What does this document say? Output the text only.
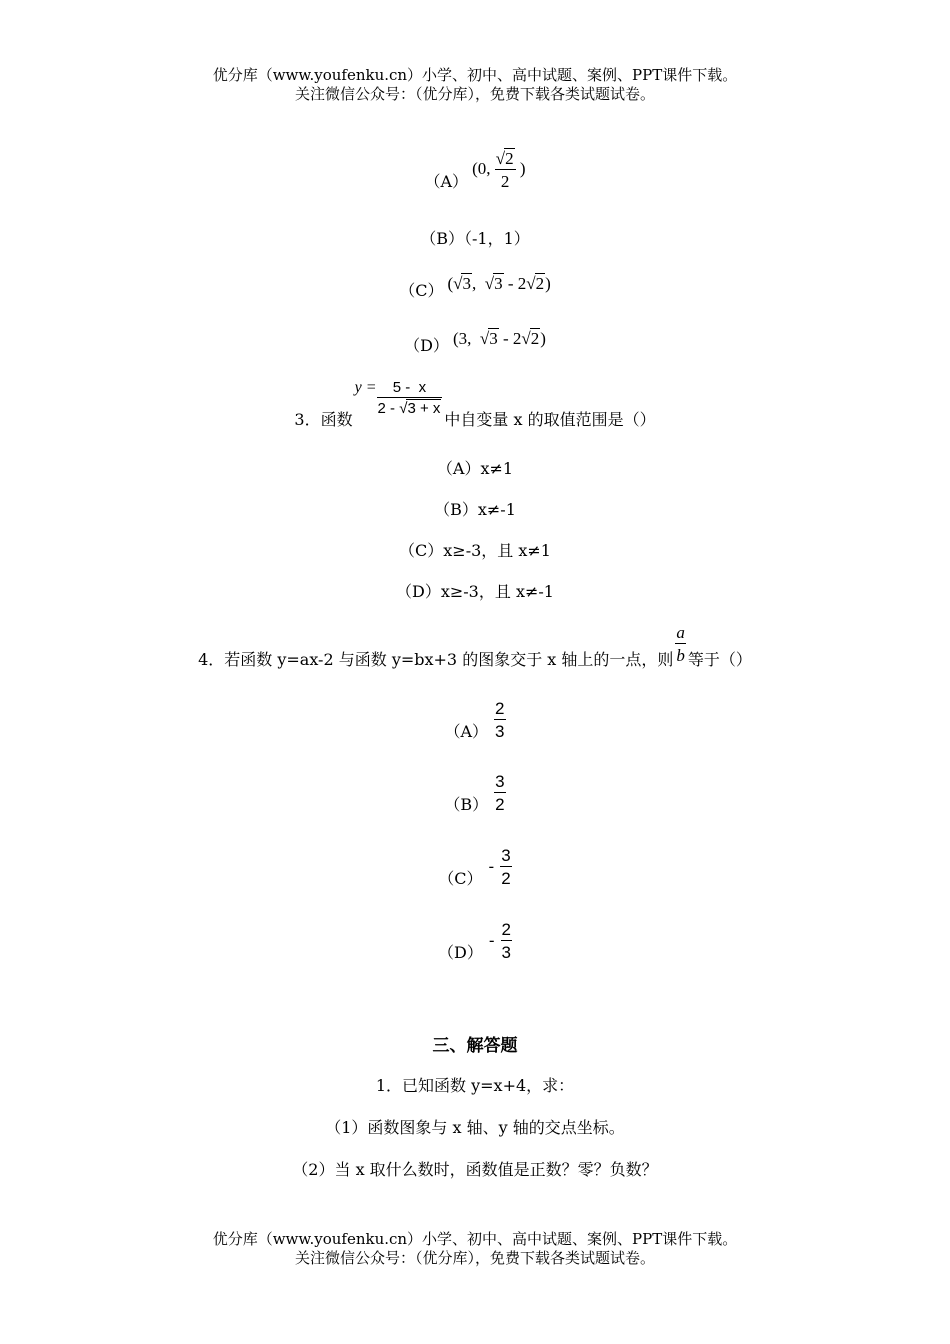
优分库（www.youfenku.cn）小学、初中、高中试题、案例、PPT课件下载。
关注微信公众号：（优分库），免费下载各类试题试卷。
（A）
(0, $\frac{√2}{2}$ )
（B）（-1，1）
（C） (√3, √3 - 2√2)
（D） (3, √3 - 2√2)
3．函数
$y = \frac{5 - x}{2 - √3 + x}$
中自变量 x 的取值范围是（）
（A）x≠1
（B）x≠-1
（C）x≥-3，且 x≠1
（D）x≥-3，且 x≠-1
4．若函数 y=ax-2 与函数 y=bx+3 的图象交于 x 轴上的一点，则 $\frac{a}{b}$ 等于（）
$(A) \frac{2}{3}$
$(B) \frac{3}{2}$
（C）
- $\frac{3}{2}$
（D）
- $\frac{2}{3}$
三、解答题
1．已知函数 y=x+4，求：
（1）函数图象与 x 轴、y 轴的交点坐标。
（2）当 x 取什么数时，函数值是正数？零？负数？
优分库（www.youfenku.cn）小学、初中、高中试题、案例、PPT课件下载。
关注微信公众号：（优分库），免费下载各类试题试卷。
